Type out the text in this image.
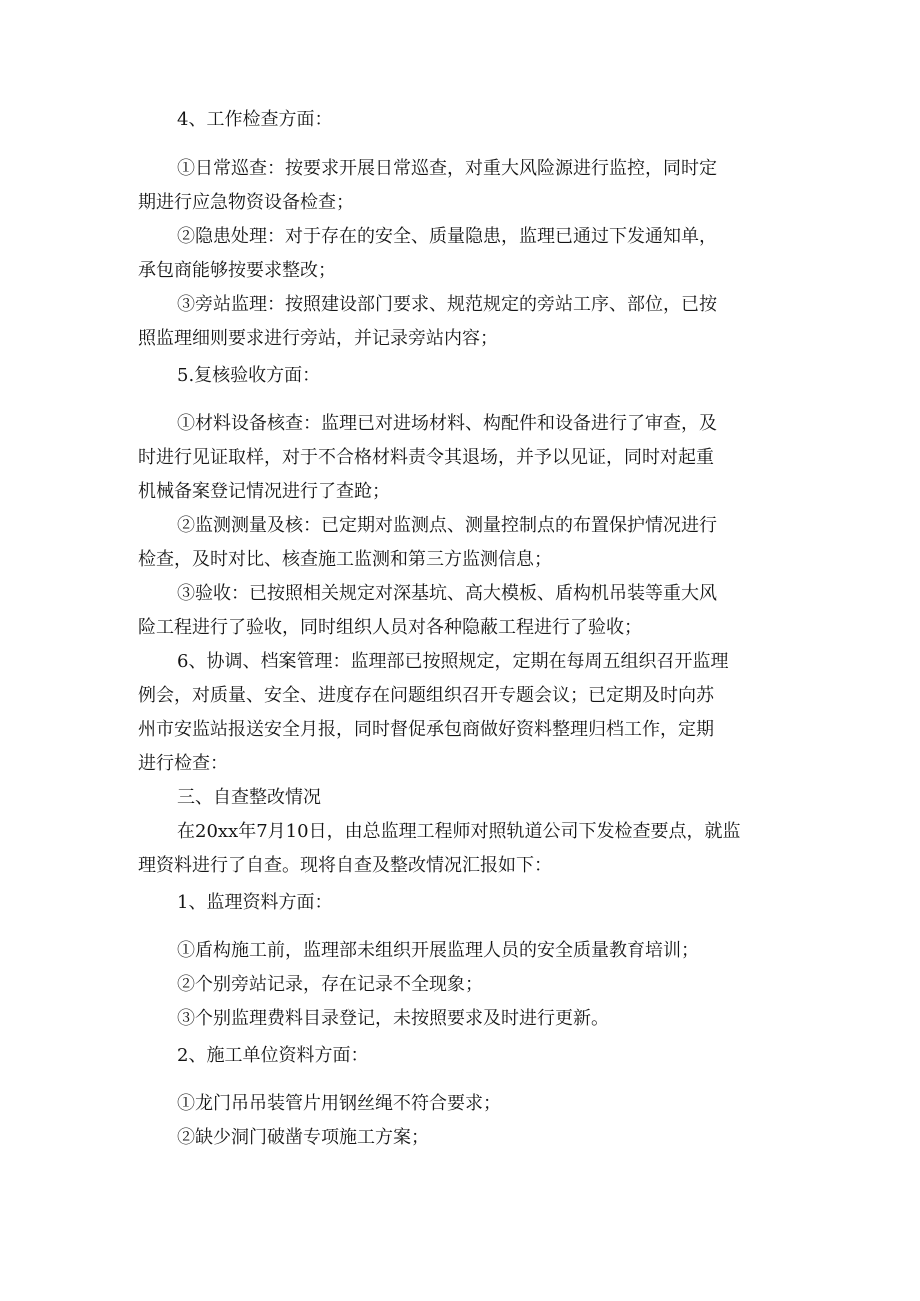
4、工作检查方面：

①日常巡查：按要求开展日常巡查，对重大风险源进行监控，同时定

期进行应急物资设备检查；

②隐患处理：对于存在的安全、质量隐患，监理已通过下发通知单，

承包商能够按要求整改；

③旁站监理：按照建设部门要求、规范规定的旁站工序、部位，已按

照监理细则要求进行旁站，并记录旁站内容；

5.复核验收方面：

①材料设备核查：监理已对进场材料、构配件和设备进行了审查，及

时进行见证取样，对于不合格材料责令其退场，并予以见证，同时对起重

机械备案登记情况进行了查跄；

②监测测量及核：已定期对监测点、测量控制点的布置保护情况进行

检查，及时对比、核查施工监测和第三方监测信息；

③验收：已按照相关规定对深基坑、高大模板、盾构机吊装等重大风

险工程进行了验收，同时组织人员对各种隐蔽工程进行了验收；

6、协调、档案管理：监理部已按照规定，定期在每周五组织召开监理

例会，对质量、安全、进度存在问题组织召开专题会议；已定期及时向苏

州市安监站报送安全月报，同时督促承包商做好资料整理归档工作，定期

进行检查：

三、自查整改情况

在20xx年7月10日，由总监理工程师对照轨道公司下发检查要点，就监

理资料进行了自查。现将自查及整改情况汇报如下：

1、监理资料方面：

①盾构施工前，监理部未组织开展监理人员的安全质量教育培训；

②个别旁站记录，存在记录不全现象；

③个别监理费料目录登记，未按照要求及时进行更新。

2、施工单位资料方面：

①龙门吊吊装管片用钢丝绳不符合要求；

②缺少洞门破凿专项施工方案；
